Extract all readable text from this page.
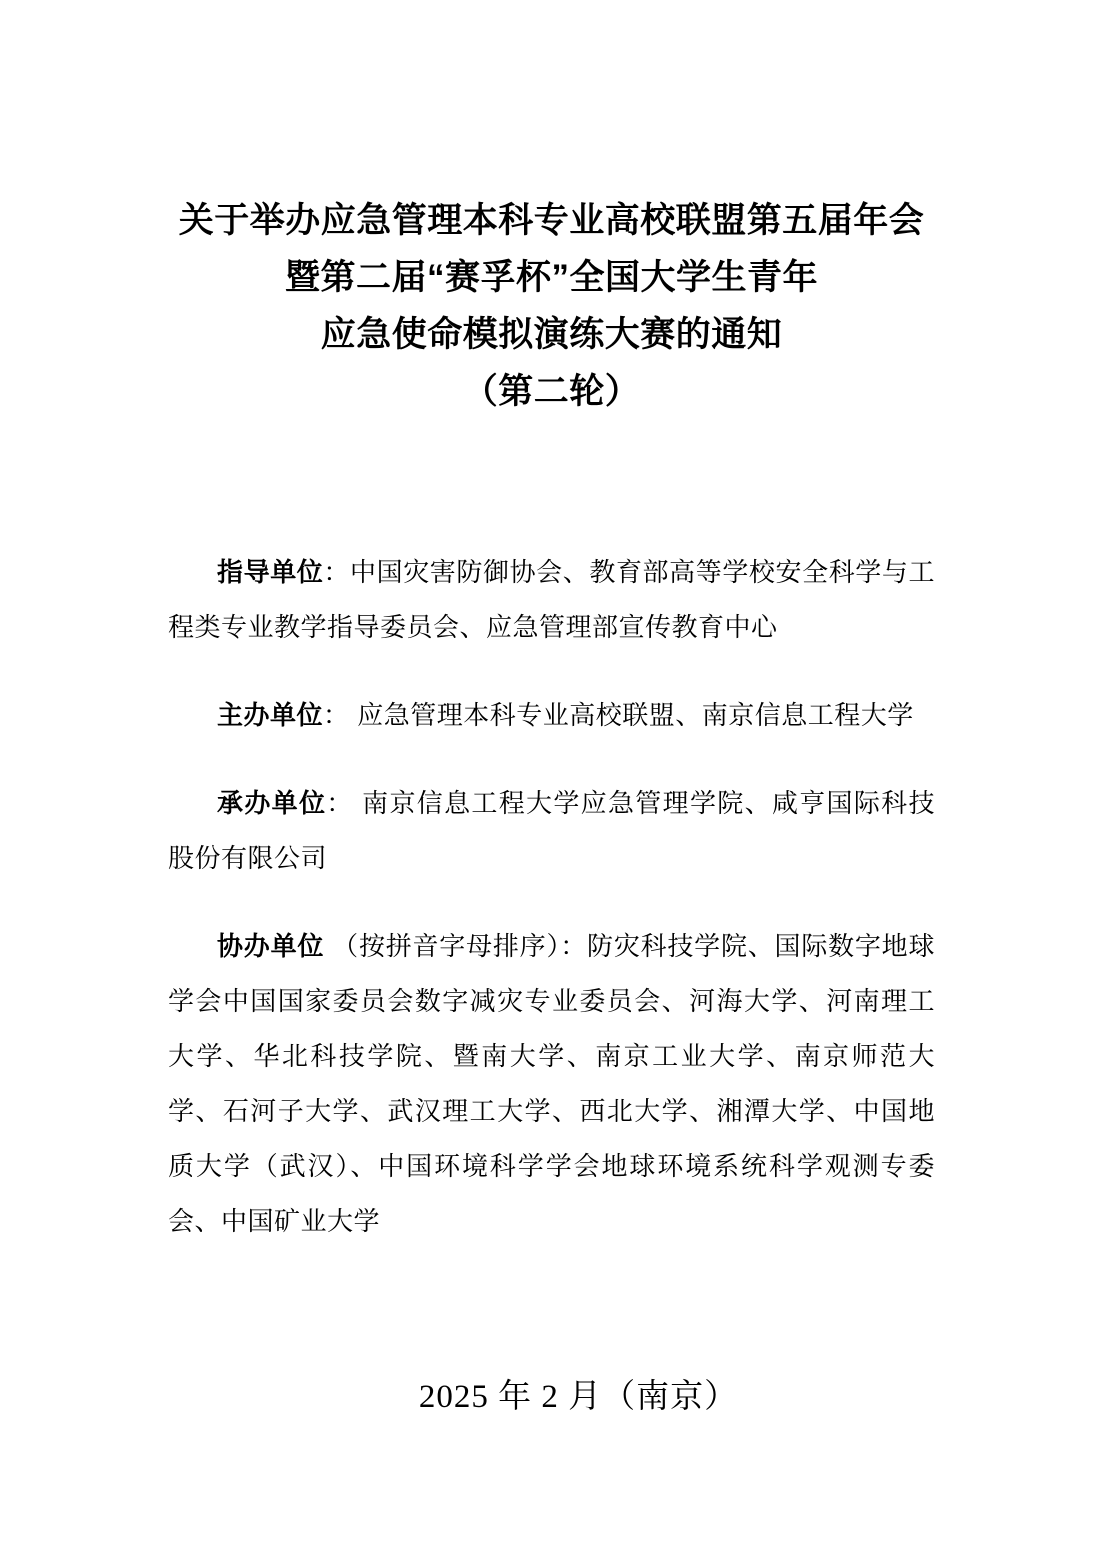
关于举办应急管理本科专业高校联盟第五届年会
暨第二届“赛孚杯”全国大学生青年
应急使命模拟演练大赛的通知
（第二轮）

指导单位：中国灾害防御协会、教育部高等学校安全科学与工程类专业教学指导委员会、应急管理部宣传教育中心

主办单位： 应急管理本科专业高校联盟、南京信息工程大学

承办单位： 南京信息工程大学应急管理学院、咸亨国际科技股份有限公司

协办单位 （按拼音字母排序）：防灾科技学院、国际数字地球学会中国国家委员会数字减灾专业委员会、河海大学、河南理工大学、华北科技学院、暨南大学、南京工业大学、南京师范大学、石河子大学、武汉理工大学、西北大学、湘潭大学、中国地质大学（武汉）、中国环境科学学会地球环境系统科学观测专委会、中国矿业大学

2025 年 2 月（南京）
